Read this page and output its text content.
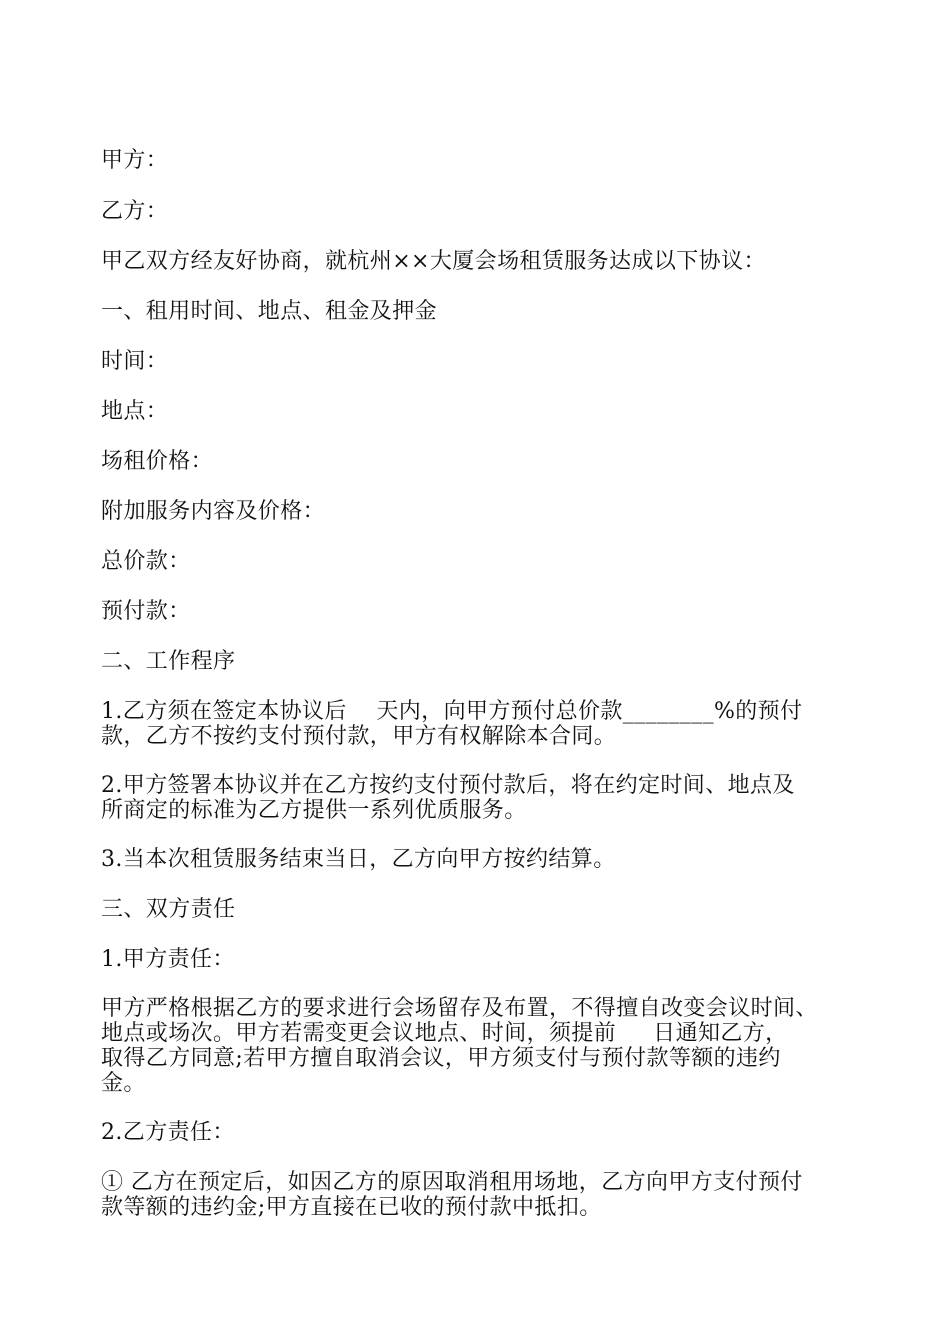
甲方：

乙方：

甲乙双方经友好协商，就杭州××大厦会场租赁服务达成以下协议：

一、租用时间、地点、租金及押金

时间：

地点：

场租价格：

附加服务内容及价格：

总价款：

预付款：

二、工作程序

1.乙方须在签定本协议后    天内，向甲方预付总价款________%的预付
款，乙方不按约支付预付款，甲方有权解除本合同。

2.甲方签署本协议并在乙方按约支付预付款后，将在约定时间、地点及
所商定的标准为乙方提供一系列优质服务。

3.当本次租赁服务结束当日，乙方向甲方按约结算。

三、双方责任

1.甲方责任：

甲方严格根据乙方的要求进行会场留存及布置，不得擅自改变会议时间、
地点或场次。甲方若需变更会议地点、时间，须提前     日通知乙方，
取得乙方同意;若甲方擅自取消会议，甲方须支付与预付款等额的违约
金。

2.乙方责任：

① 乙方在预定后，如因乙方的原因取消租用场地，乙方向甲方支付预付
款等额的违约金;甲方直接在已收的预付款中抵扣。
